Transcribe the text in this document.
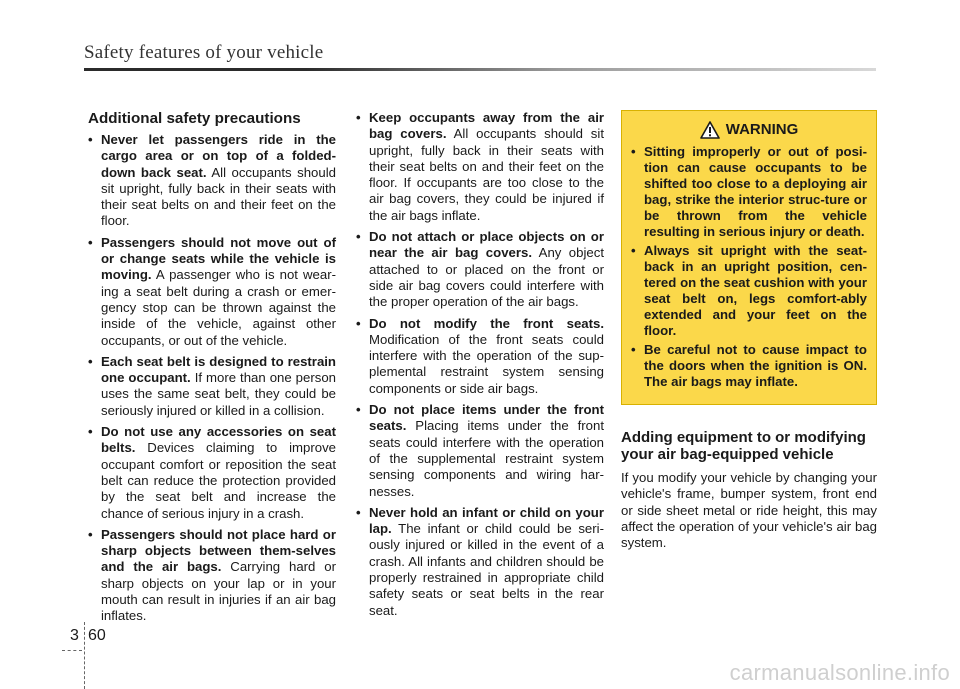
Safety features of your vehicle
Additional safety precautions
• Never let passengers ride in the cargo area or on top of a folded-down back seat. All occupants should sit upright, fully back in their seats with their seat belts on and their feet on the floor.
• Passengers should not move out of or change seats while the vehicle is moving. A passenger who is not wear-ing a seat belt during a crash or emer-gency stop can be thrown against the inside of the vehicle, against other occupants, or out of the vehicle.
• Each seat belt is designed to restrain one occupant. If more than one person uses the same seat belt, they could be seriously injured or killed in a collision.
• Do not use any accessories on seat belts. Devices claiming to improve occupant comfort or reposition the seat belt can reduce the protection provided by the seat belt and increase the chance of serious injury in a crash.
• Passengers should not place hard or sharp objects between them-selves and the air bags. Carrying hard or sharp objects on your lap or in your mouth can result in injuries if an air bag inflates.
• Keep occupants away from the air bag covers. All occupants should sit upright, fully back in their seats with their seat belts on and their feet on the floor. If occupants are too close to the air bag covers, they could be injured if the air bags inflate.
• Do not attach or place objects on or near the air bag covers. Any object attached to or placed on the front or side air bag covers could interfere with the proper operation of the air bags.
• Do not modify the front seats. Modification of the front seats could interfere with the operation of the sup-plemental restraint system sensing components or side air bags.
• Do not place items under the front seats. Placing items under the front seats could interfere with the operation of the supplemental restraint system sensing components and wiring har-nesses.
• Never hold an infant or child on your lap. The infant or child could be seri-ously injured or killed in the event of a crash. All infants and children should be properly restrained in appropriate child safety seats or seat belts in the rear seat.
WARNING
• Sitting improperly or out of posi-tion can cause occupants to be shifted too close to a deploying air bag, strike the interior struc-ture or be thrown from the vehicle resulting in serious injury or death.
• Always sit upright with the seat-back in an upright position, cen-tered on the seat cushion with your seat belt on, legs comfort-ably extended and your feet on the floor.
• Be careful not to cause impact to the doors when the ignition is ON. The air bags may inflate.
Adding equipment to or modifying your air bag-equipped vehicle

If you modify your vehicle by changing your vehicle's frame, bumper system, front end or side sheet metal or ride height, this may affect the operation of your vehicle's air bag system.

3 60
carmanualsonline.info
